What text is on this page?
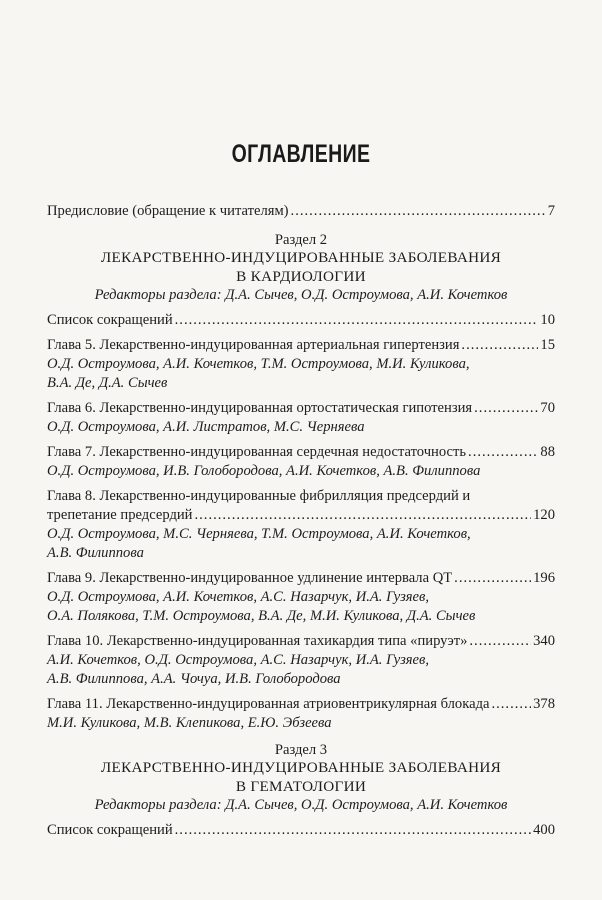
ОГЛАВЛЕНИЕ
Предисловие (обращение к читателям) .....	7
Раздел 2
ЛЕКАРСТВЕННО-ИНДУЦИРОВАННЫЕ ЗАБОЛЕВАНИЯ
В КАРДИОЛОГИИ
Редакторы раздела: Д.А. Сычев, О.Д. Остроумова, А.И. Кочетков
Список сокращений .....	10
Глава 5. Лекарственно-индуцированная артериальная гипертензия .....	15
О.Д. Остроумова, А.И. Кочетков, Т.М. Остроумова, М.И. Куликова,
В.А. Де, Д.А. Сычев
Глава 6. Лекарственно-индуцированная ортостатическая гипотензия .....	70
О.Д. Остроумова, А.И. Листратов, М.С. Черняева
Глава 7. Лекарственно-индуцированная сердечная недостаточность .....	88
О.Д. Остроумова, И.В. Голобородова, А.И. Кочетков, А.В. Филиппова
Глава 8. Лекарственно-индуцированные фибрилляция предсердий и
трепетание предсердий .....	120
О.Д. Остроумова, М.С. Черняева, Т.М. Остроумова, А.И. Кочетков,
А.В. Филиппова
Глава 9. Лекарственно-индуцированное удлинение интервала QT .....	196
О.Д. Остроумова, А.И. Кочетков, А.С. Назарчук, И.А. Гузяев,
О.А. Полякова, Т.М. Остроумова, В.А. Де, М.И. Куликова, Д.А. Сычев
Глава 10. Лекарственно-индуцированная тахикардия типа «пируэт» .....	340
А.И. Кочетков, О.Д. Остроумова, А.С. Назарчук, И.А. Гузяев,
А.В. Филиппова, А.А. Чочуа, И.В. Голобородова
Глава 11. Лекарственно-индуцированная атриовентрикулярная блокада .....	378
М.И. Куликова, М.В. Клепикова, Е.Ю. Эбзеева
Раздел 3
ЛЕКАРСТВЕННО-ИНДУЦИРОВАННЫЕ ЗАБОЛЕВАНИЯ
В ГЕМАТОЛОГИИ
Редакторы раздела: Д.А. Сычев, О.Д. Остроумова, А.И. Кочетков
Список сокращений .....	400
